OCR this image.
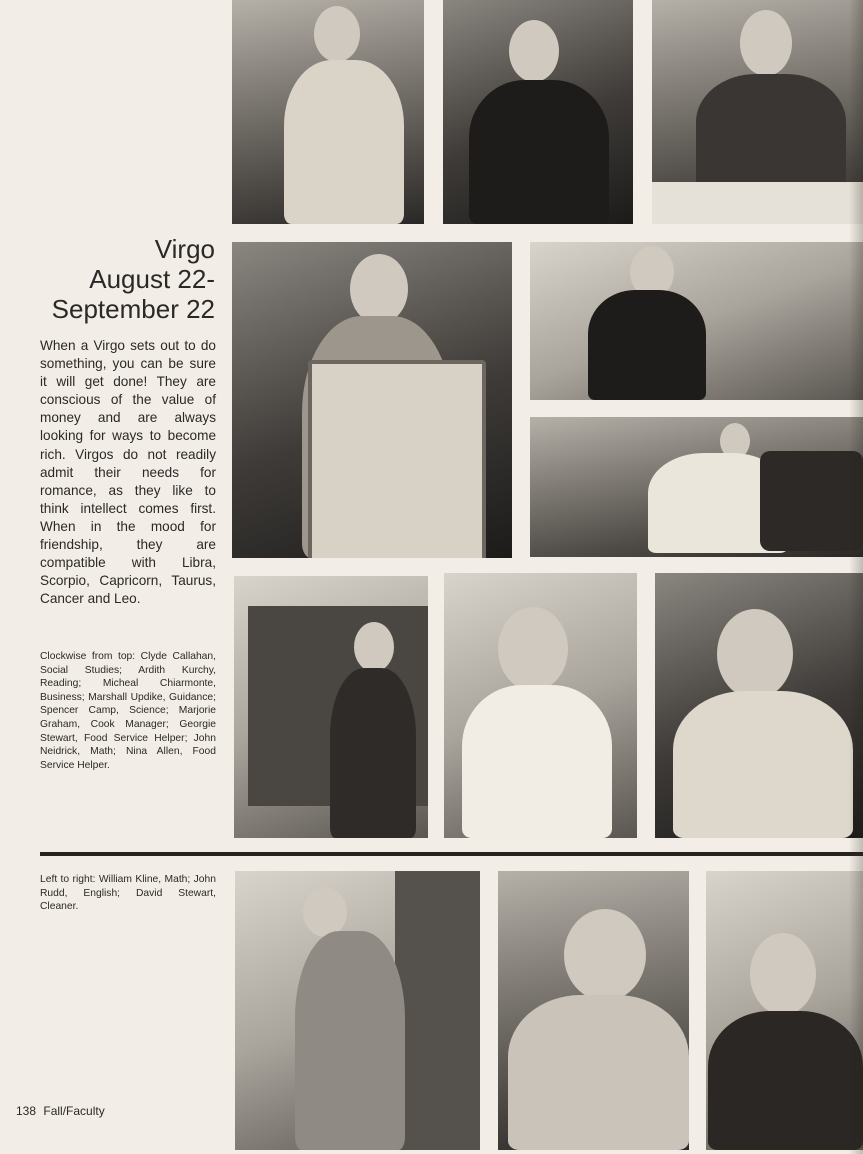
Virgo
August 22-
September 22
When a Virgo sets out to do something, you can be sure it will get done! They are conscious of the value of money and are always looking for ways to become rich. Virgos do not readily admit their needs for romance, as they like to think intellect comes first. When in the mood for friendship, they are compatible with Libra, Scorpio, Capricorn, Taurus, Cancer and Leo.
Clockwise from top: Clyde Callahan, Social Studies; Ardith Kurchy, Reading; Micheal Chiarmonte, Business; Marshall Updike, Guidance; Spencer Camp, Science; Marjorie Graham, Cook Manager; Georgie Stewart, Food Service Helper; John Neidrick, Math; Nina Allen, Food Service Helper.
Left to right: William Kline, Math; John Rudd, English; David Stewart, Cleaner.
138 Fall/Faculty
